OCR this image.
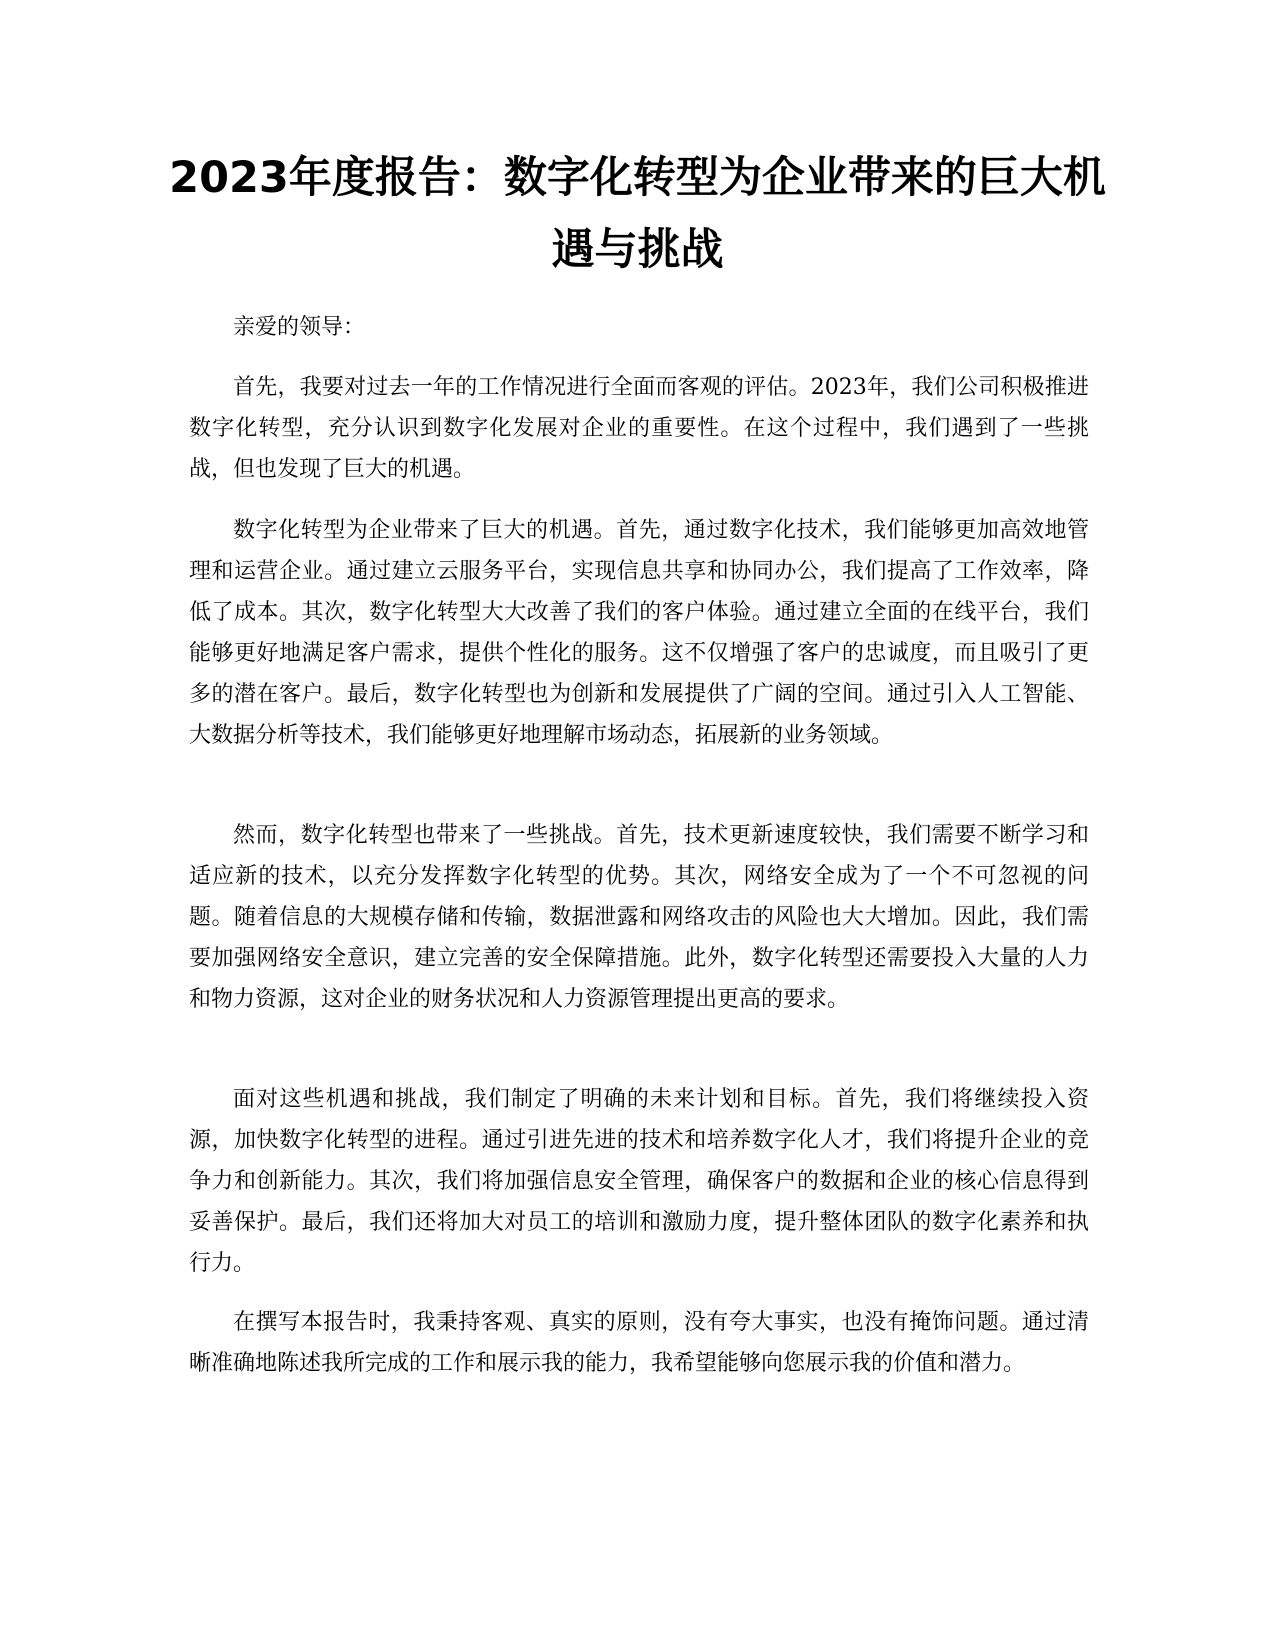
2023年度报告：数字化转型为企业带来的巨大机遇与挑战

亲爱的领导：

首先，我要对过去一年的工作情况进行全面而客观的评估。2023年，我们公司积极推进数字化转型，充分认识到数字化发展对企业的重要性。在这个过程中，我们遇到了一些挑战，但也发现了巨大的机遇。

数字化转型为企业带来了巨大的机遇。首先，通过数字化技术，我们能够更加高效地管理和运营企业。通过建立云服务平台，实现信息共享和协同办公，我们提高了工作效率，降低了成本。其次，数字化转型大大改善了我们的客户体验。通过建立全面的在线平台，我们能够更好地满足客户需求，提供个性化的服务。这不仅增强了客户的忠诚度，而且吸引了更多的潜在客户。最后，数字化转型也为创新和发展提供了广阔的空间。通过引入人工智能、大数据分析等技术，我们能够更好地理解市场动态，拓展新的业务领域。

然而，数字化转型也带来了一些挑战。首先，技术更新速度较快，我们需要不断学习和适应新的技术，以充分发挥数字化转型的优势。其次，网络安全成为了一个不可忽视的问题。随着信息的大规模存储和传输，数据泄露和网络攻击的风险也大大增加。因此，我们需要加强网络安全意识，建立完善的安全保障措施。此外，数字化转型还需要投入大量的人力和物力资源，这对企业的财务状况和人力资源管理提出更高的要求。

面对这些机遇和挑战，我们制定了明确的未来计划和目标。首先，我们将继续投入资源，加快数字化转型的进程。通过引进先进的技术和培养数字化人才，我们将提升企业的竞争力和创新能力。其次，我们将加强信息安全管理，确保客户的数据和企业的核心信息得到妥善保护。最后，我们还将加大对员工的培训和激励力度，提升整体团队的数字化素养和执行力。

在撰写本报告时，我秉持客观、真实的原则，没有夸大事实，也没有掩饰问题。通过清晰准确地陈述我所完成的工作和展示我的能力，我希望能够向您展示我的价值和潜力。
